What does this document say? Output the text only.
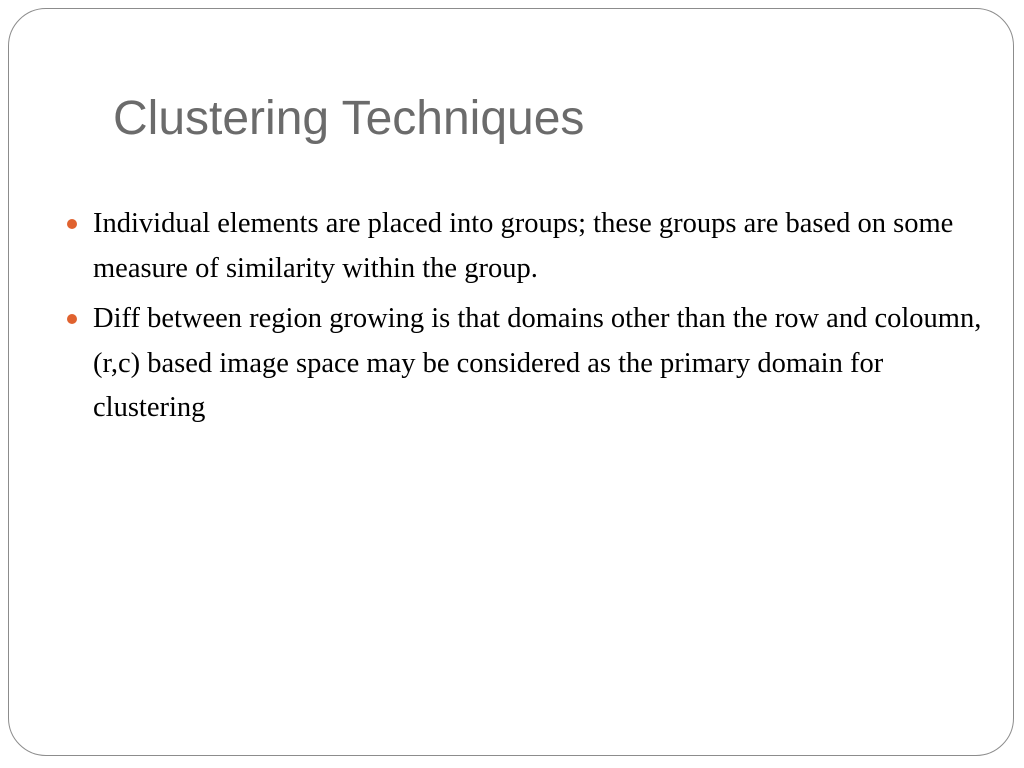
Clustering Techniques
Individual elements are placed into groups; these groups are based on some measure of similarity within the group.
Diff between region growing is that domains other than the row and coloumn, (r,c) based image space may be considered as the primary domain for clustering
